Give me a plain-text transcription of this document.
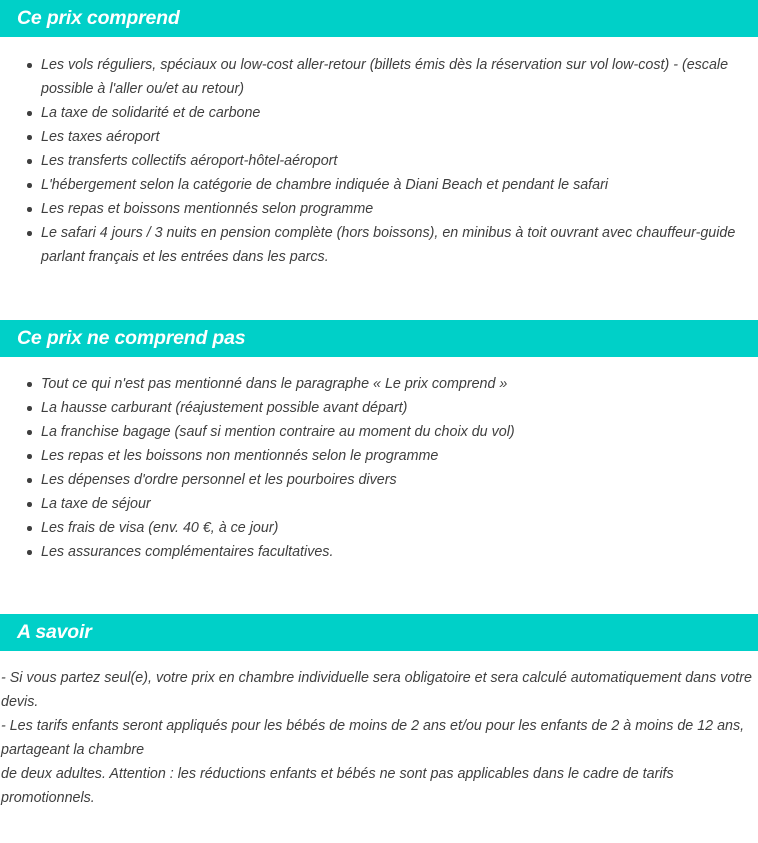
Ce prix comprend
Les vols réguliers, spéciaux ou low-cost aller-retour (billets émis dès la réservation sur vol low-cost) - (escale possible à l'aller ou/et au retour)
La taxe de solidarité et de carbone
Les taxes aéroport
Les transferts collectifs aéroport-hôtel-aéroport
L'hébergement selon la catégorie de chambre indiquée à Diani Beach et pendant le safari
Les repas et boissons mentionnés selon programme
Le safari 4 jours / 3 nuits en pension complète (hors boissons), en minibus à toit ouvrant avec chauffeur-guide parlant français et les entrées dans les parcs.
Ce prix ne comprend pas
Tout ce qui n'est pas mentionné dans le paragraphe « Le prix comprend »
La hausse carburant (réajustement possible avant départ)
La franchise bagage (sauf si mention contraire au moment du choix du vol)
Les repas et les boissons non mentionnés selon le programme
Les dépenses d'ordre personnel et les pourboires divers
La taxe de séjour
Les frais de visa (env. 40 €, à ce jour)
Les assurances complémentaires facultatives.
A savoir

- Si vous partez seul(e), votre prix en chambre individuelle sera obligatoire et sera calculé automatiquement dans votre devis.

- Les tarifs enfants seront appliqués pour les bébés de moins de 2 ans et/ou pour les enfants de 2 à moins de 12 ans, partageant la chambre

de deux adultes. Attention : les réductions enfants et bébés ne sont pas applicables dans le cadre de tarifs promotionnels.
